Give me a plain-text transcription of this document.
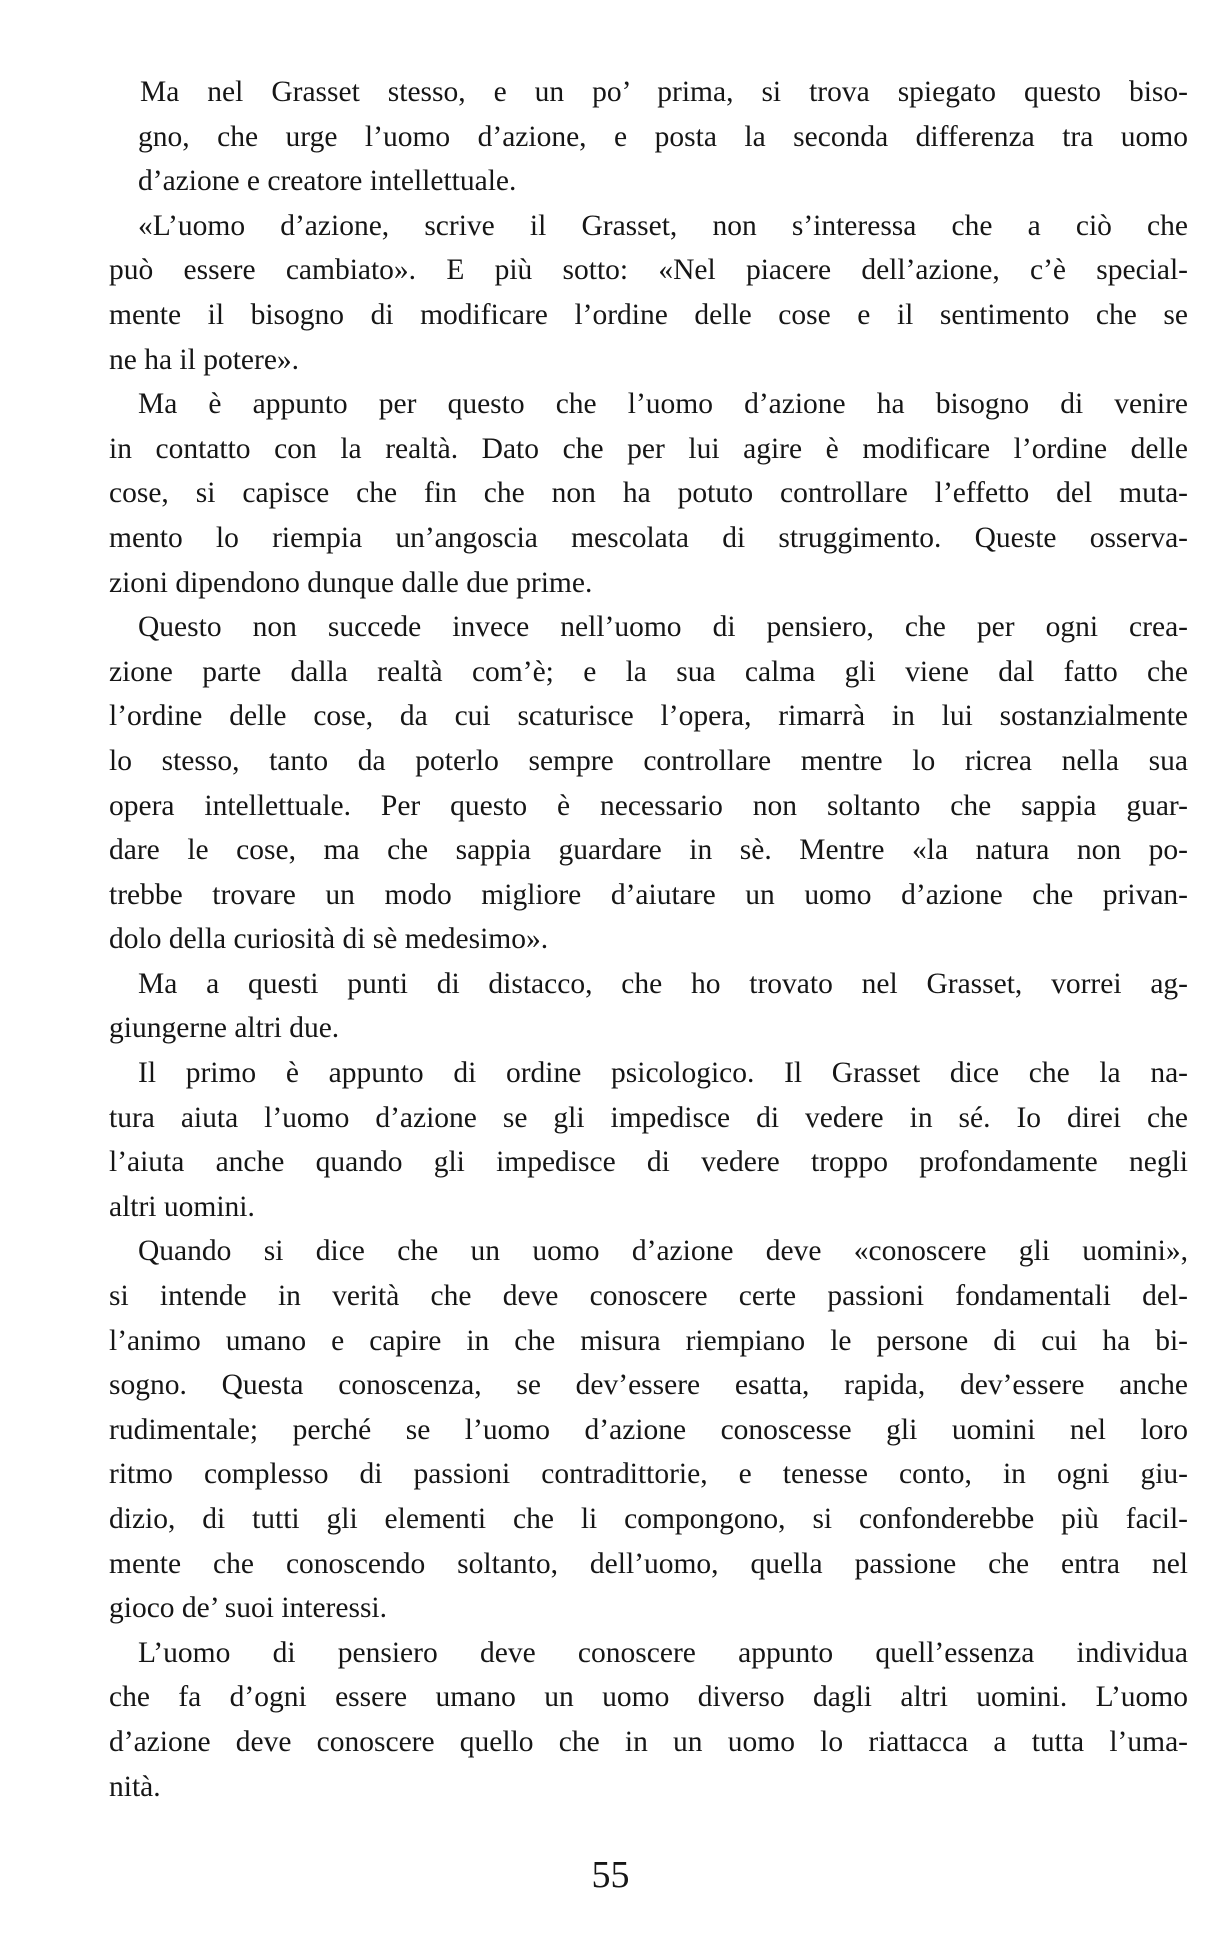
Ma nel Grasset stesso, e un po’ prima, si trova spiegato questo biso-
gno, che urge l’uomo d’azione, e posta la seconda differenza tra uomo
d’azione e creatore intellettuale.
«L’uomo d’azione, scrive il Grasset, non s’interessa che a ciò che
può essere cambiato». E più sotto: «Nel piacere dell’azione, c’è special-
mente il bisogno di modificare l’ordine delle cose e il sentimento che se
ne ha il potere».
Ma è appunto per questo che l’uomo d’azione ha bisogno di venire
in contatto con la realtà. Dato che per lui agire è modificare l’ordine delle
cose, si capisce che fin che non ha potuto controllare l’effetto del muta-
mento lo riempia un’angoscia mescolata di struggimento. Queste osserva-
zioni dipendono dunque dalle due prime.
Questo non succede invece nell’uomo di pensiero, che per ogni crea-
zione parte dalla realtà com’è; e la sua calma gli viene dal fatto che
l’ordine delle cose, da cui scaturisce l’opera, rimarrà in lui sostanzialmente
lo stesso, tanto da poterlo sempre controllare mentre lo ricrea nella sua
opera intellettuale. Per questo è necessario non soltanto che sappia guar-
dare le cose, ma che sappia guardare in sè. Mentre «la natura non po-
trebbe trovare un modo migliore d’aiutare un uomo d’azione che privan-
dolo della curiosità di sè medesimo».
Ma a questi punti di distacco, che ho trovato nel Grasset, vorrei ag-
giungerne altri due.
Il primo è appunto di ordine psicologico. Il Grasset dice che la na-
tura aiuta l’uomo d’azione se gli impedisce di vedere in sé. Io direi che
l’aiuta anche quando gli impedisce di vedere troppo profondamente negli
altri uomini.
Quando si dice che un uomo d’azione deve «conoscere gli uomini»,
si intende in verità che deve conoscere certe passioni fondamentali del-
l’animo umano e capire in che misura riempiano le persone di cui ha bi-
sogno. Questa conoscenza, se dev’essere esatta, rapida, dev’essere anche
rudimentale; perché se l’uomo d’azione conoscesse gli uomini nel loro
ritmo complesso di passioni contradittorie, e tenesse conto, in ogni giu-
dizio, di tutti gli elementi che li compongono, si confonderebbe più facil-
mente che conoscendo soltanto, dell’uomo, quella passione che entra nel
gioco de’ suoi interessi.
L’uomo di pensiero deve conoscere appunto quell’essenza individua
che fa d’ogni essere umano un uomo diverso dagli altri uomini. L’uomo
d’azione deve conoscere quello che in un uomo lo riattacca a tutta l’uma-
nità.
55
